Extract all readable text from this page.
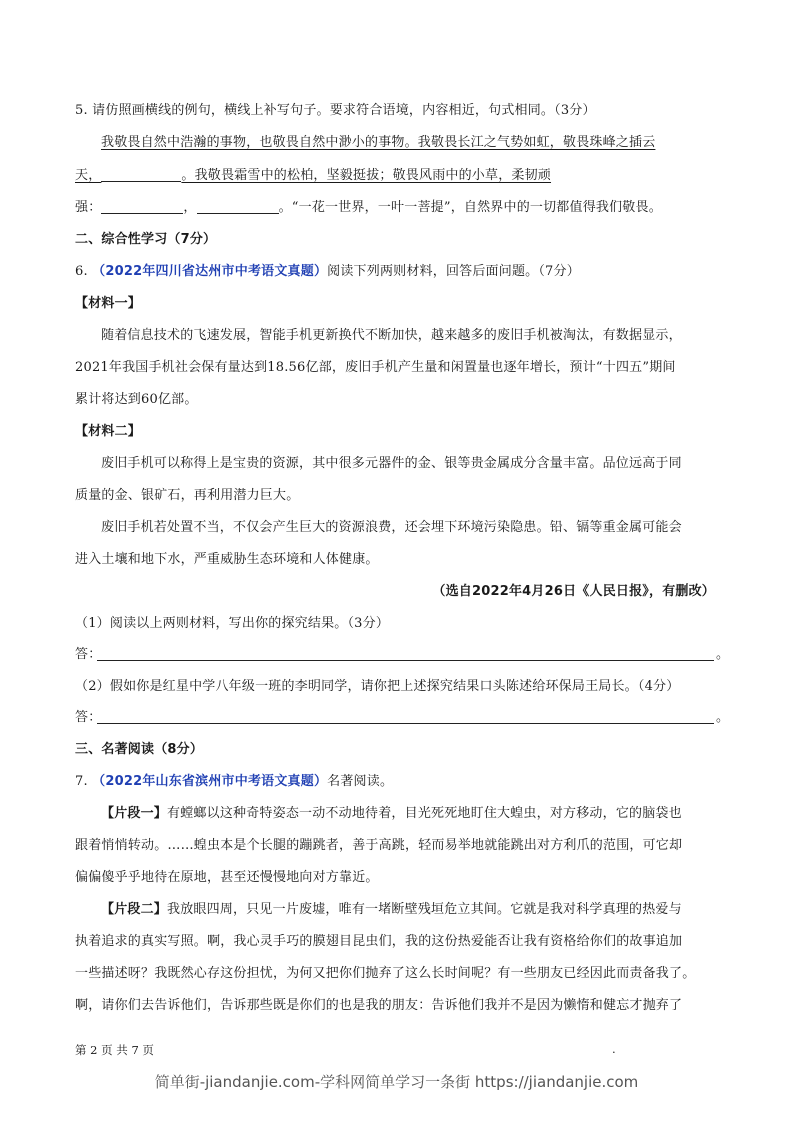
5. 请仿照画横线的例句，横线上补写句子。要求符合语境，内容相近，句式相同。（3分）
我敬畏自然中浩瀚的事物，也敬畏自然中渺小的事物。我敬畏长江之气势如虹，敬畏珠峰之插云
天，	。我敬畏霜雪中的松柏，坚毅挺拔；敬畏风雨中的小草，柔韧顽
强：	，	。“一花一世界，一叶一菩提”，自然界中的一切都值得我们敬畏。
二、综合性学习（7分）
6. （2022年四川省达州市中考语文真题）阅读下列两则材料，回答后面问题。（7分）
【材料一】
随着信息技术的飞速发展，智能手机更新换代不断加快，越来越多的废旧手机被淘汰，有数据显示，
2021年我国手机社会保有量达到18.56亿部，废旧手机产生量和闲置量也逐年增长，预计“十四五”期间
累计将达到60亿部。
【材料二】
废旧手机可以称得上是宝贵的资源，其中很多元器件的金、银等贵金属成分含量丰富。品位远高于同
质量的金、银矿石，再利用潜力巨大。
废旧手机若处置不当，不仅会产生巨大的资源浪费，还会埋下环境污染隐患。铅、镉等重金属可能会
进入土壤和地下水，严重威胁生态环境和人体健康。
（选自2022年4月26日《人民日报》，有删改）
（1）阅读以上两则材料，写出你的探究结果。（3分）
答：	。
（2）假如你是红星中学八年级一班的李明同学，请你把上述探究结果口头陈述给环保局王局长。（4分）
答：	。
三、名著阅读（8分）
7. （2022年山东省滨州市中考语文真题）名著阅读。
【片段一】有螳螂以这种奇特姿态一动不动地待着，目光死死地盯住大蝗虫，对方移动，它的脑袋也
跟着悄悄转动。……蝗虫本是个长腿的蹦跳者，善于高跳，轻而易举地就能跳出对方利爪的范围，可它却
偏偏傻乎乎地待在原地，甚至还慢慢地向对方靠近。
【片段二】我放眼四周，只见一片废墟，唯有一堵断壁残垣危立其间。它就是我对科学真理的热爱与
执着追求的真实写照。啊，我心灵手巧的膜翅目昆虫们，我的这份热爱能否让我有资格给你们的故事追加
一些描述呀？我既然心存这份担忧，为何又把你们抛弃了这么长时间呢？有一些朋友已经因此而责备我了。
啊，请你们去告诉他们，告诉那些既是你们的也是我的朋友：告诉他们我并不是因为懒惰和健忘才抛弃了
第 2 页 共 7 页	.
简单街-jiandanjie.com-学科网简单学习一条街 https://jiandanjie.com
